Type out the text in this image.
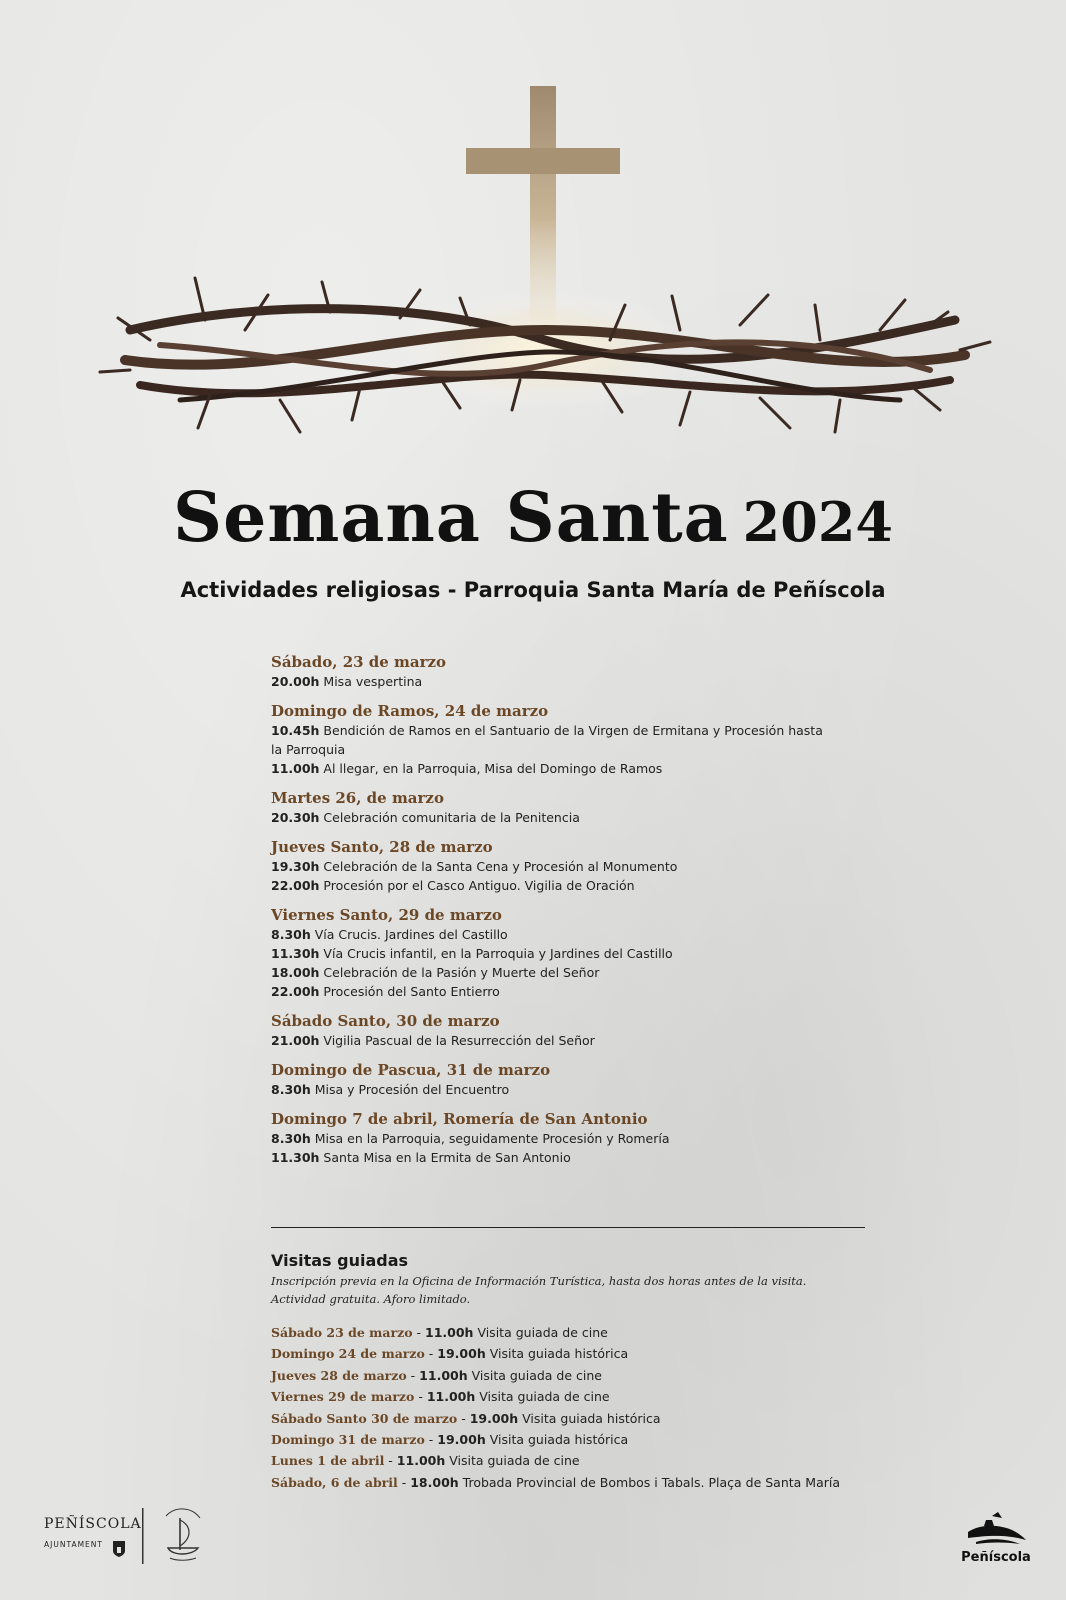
Semana Santa 2024
Actividades religiosas - Parroquia Santa María de Peñíscola
Sábado, 23 de marzo
20.00h Misa vespertina
Domingo de Ramos, 24 de marzo
10.45h Bendición de Ramos en el Santuario de la Virgen de Ermitana y Procesión hasta la Parroquia
11.00h Al llegar, en la Parroquia, Misa del Domingo de Ramos
Martes 26, de marzo
20.30h Celebración comunitaria de la Penitencia
Jueves Santo, 28 de marzo
19.30h Celebración de la Santa Cena y Procesión al Monumento
22.00h Procesión por el Casco Antiguo. Vigilia de Oración
Viernes Santo, 29 de marzo
8.30h Vía Crucis. Jardines del Castillo
11.30h Vía Crucis infantil, en la Parroquia y Jardines del Castillo
18.00h Celebración de la Pasión y Muerte del Señor
22.00h Procesión del Santo Entierro
Sábado Santo, 30 de marzo
21.00h Vigilia Pascual de la Resurrección del Señor
Domingo de Pascua, 31 de marzo
8.30h Misa y Procesión del Encuentro
Domingo 7 de abril, Romería de San Antonio
8.30h Misa en la Parroquia, seguidamente Procesión y Romería
11.30h Santa Misa en la Ermita de San Antonio
Visitas guiadas
Inscripción previa en la Oficina de Información Turística, hasta dos horas antes de la visita.
Actividad gratuita. Aforo limitado.
Sábado 23 de marzo - 11.00h Visita guiada de cine
Domingo 24 de marzo - 19.00h Visita guiada histórica
Jueves 28 de marzo - 11.00h Visita guiada de cine
Viernes 29 de marzo - 11.00h Visita guiada de cine
Sábado Santo 30 de marzo - 19.00h Visita guiada histórica
Domingo 31 de marzo - 19.00h Visita guiada histórica
Lunes 1 de abril - 11.00h Visita guiada de cine
Sábado, 6 de abril - 18.00h Trobada Provincial de Bombos i Tabals. Plaça de Santa María
PEÑÍSCOLA
AJUNTAMENT
Peñíscola
